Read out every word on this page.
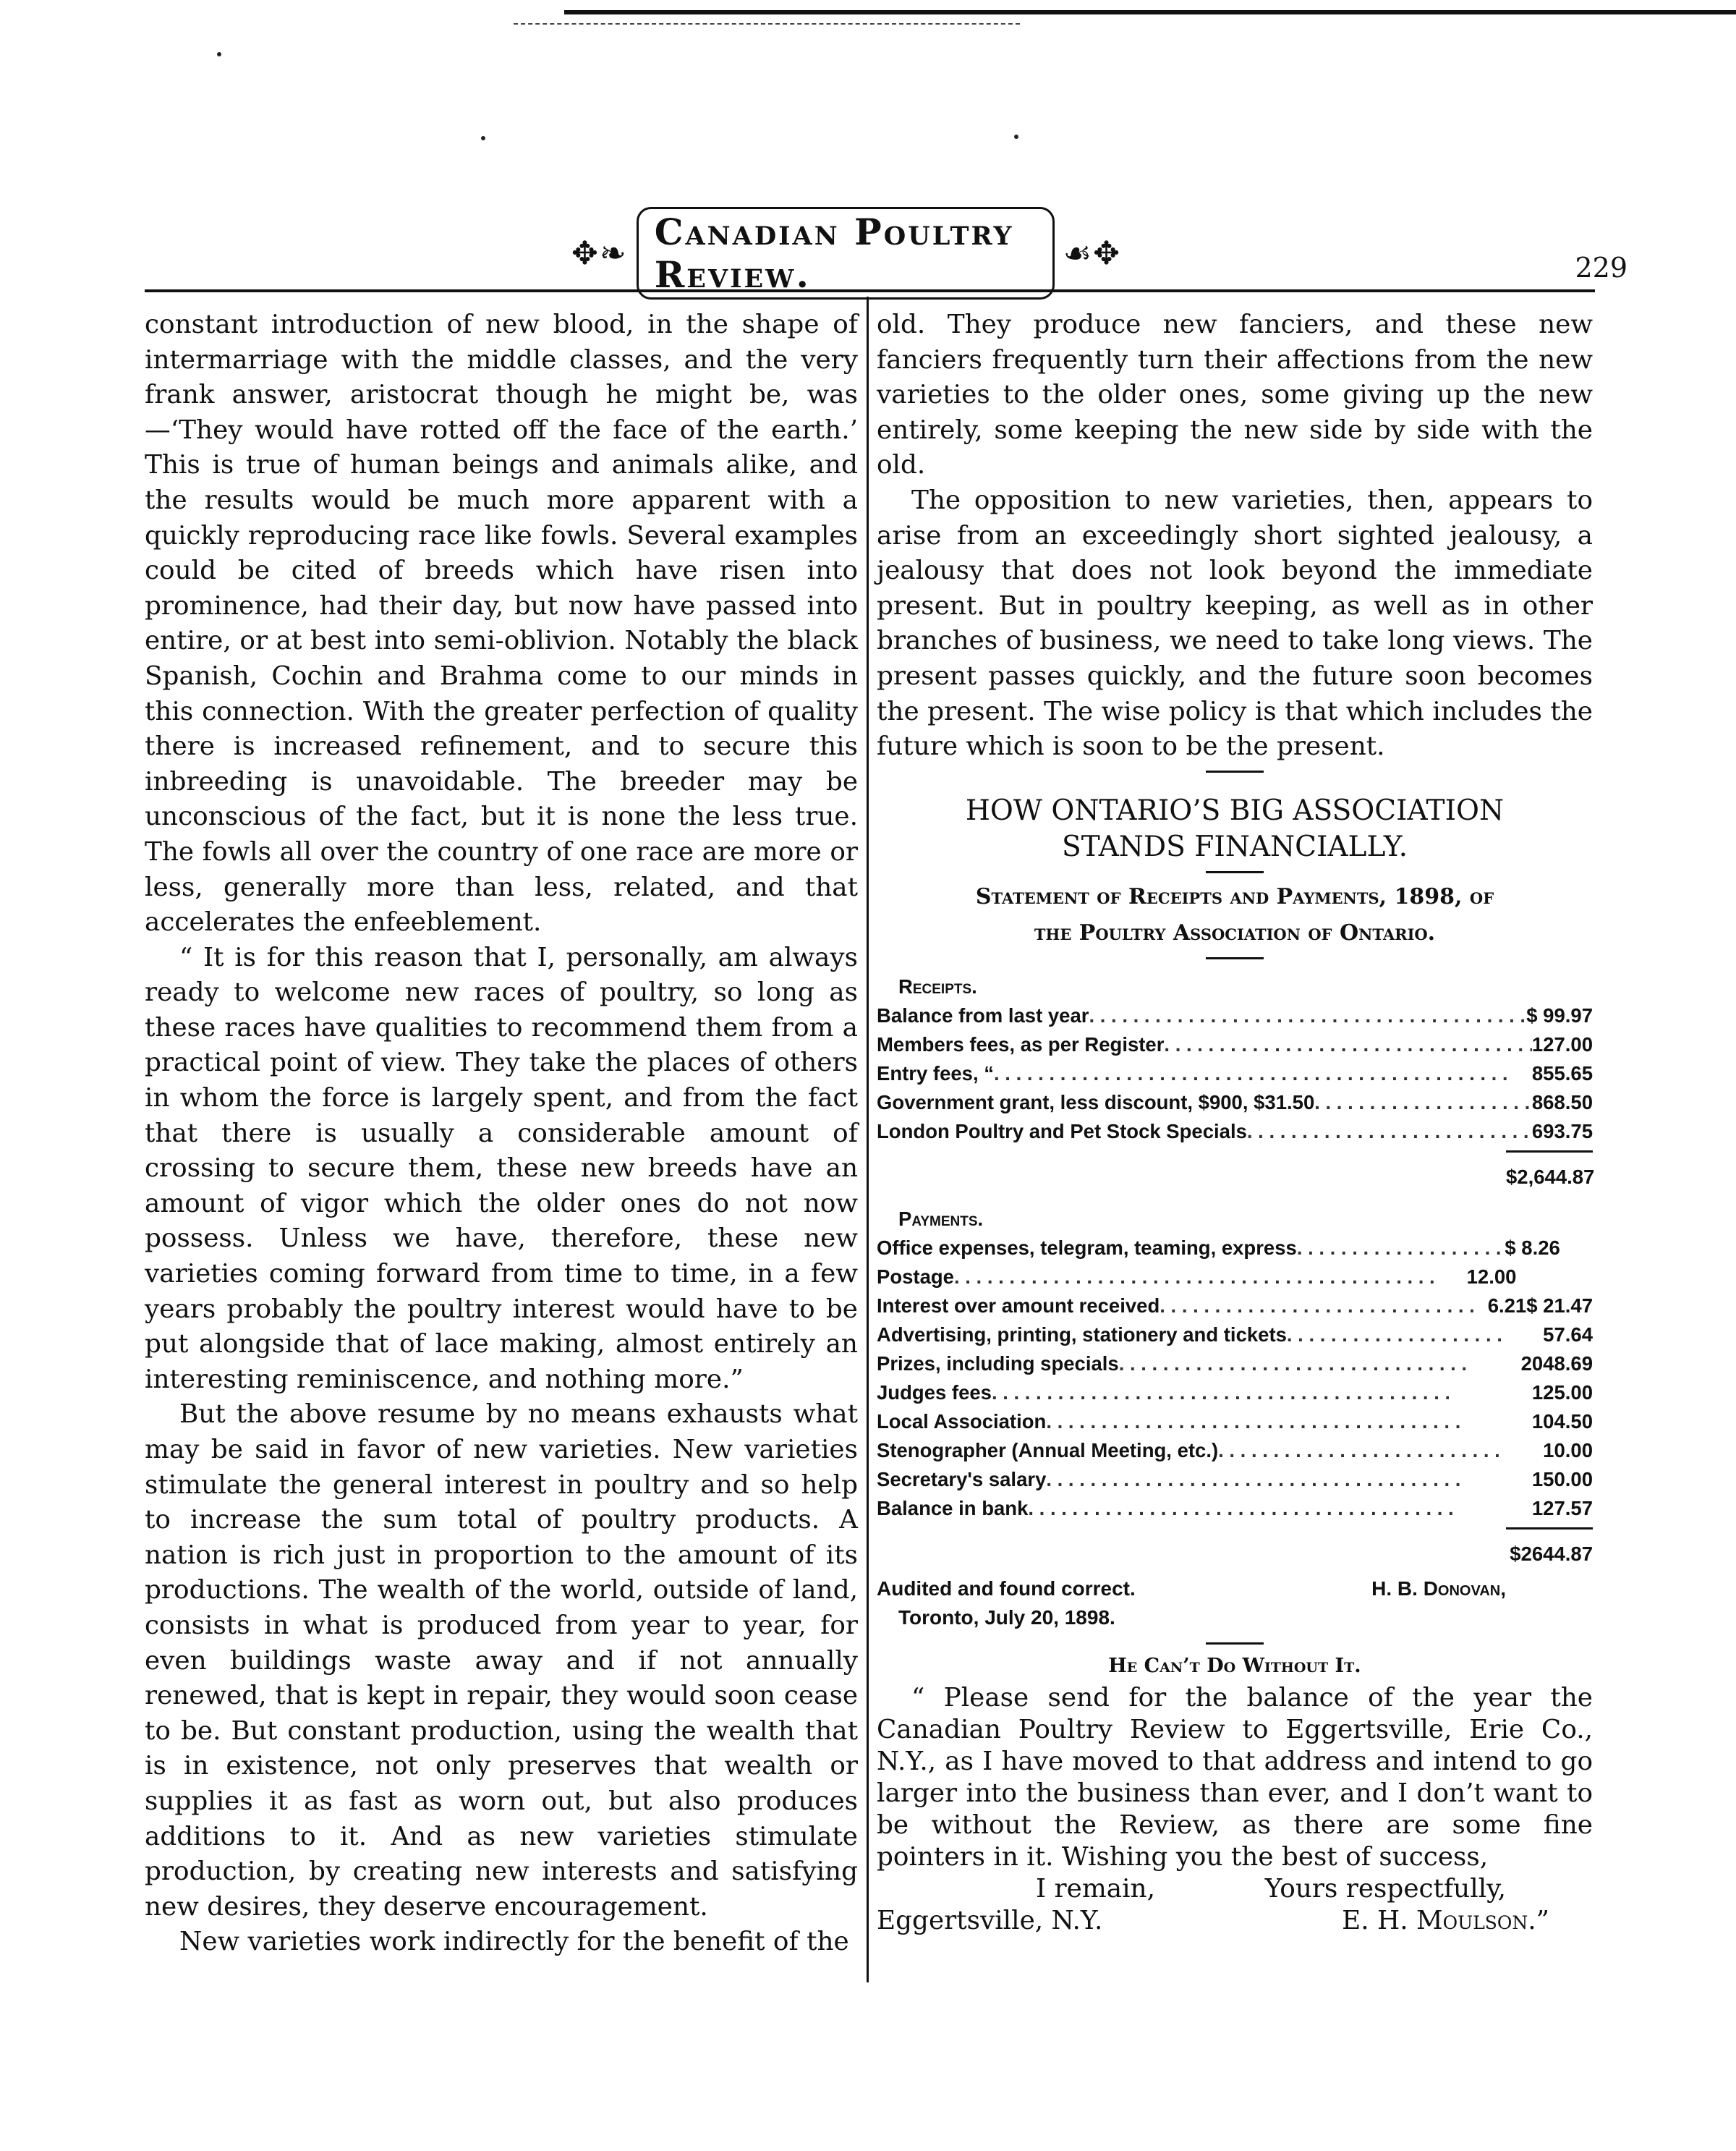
✥❧ Canadian Poultry Review.	☙✥	229

constant introduction of new blood, in the shape of intermarriage with the middle classes, and the very frank answer, aristocrat though he might be, was—‘They would have rotted off the face of the earth.’ This is true of human beings and animals alike, and the results would be much more apparent with a quickly reproducing race like fowls. Several examples could be cited of breeds which have risen into prominence, had their day, but now have passed into entire, or at best into semi-oblivion. Notably the black Spanish, Cochin and Brahma come to our minds in this connection. With the greater perfection of quality there is increased refinement, and to secure this inbreeding is unavoidable. The breeder may be unconscious of the fact, but it is none the less true. The fowls all over the country of one race are more or less, generally more than less, related, and that accelerates the enfeeblement.

“ It is for this reason that I, personally, am always ready to welcome new races of poultry, so long as these races have qualities to recommend them from a practical point of view. They take the places of others in whom the force is largely spent, and from the fact that there is usually a considerable amount of crossing to secure them, these new breeds have an amount of vigor which the older ones do not now possess. Unless we have, therefore, these new varieties coming forward from time to time, in a few years probably the poultry interest would have to be put alongside that of lace making, almost entirely an interesting reminiscence, and nothing more.”

But the above resume by no means exhausts what may be said in favor of new varieties. New varieties stimulate the general interest in poultry and so help to increase the sum total of poultry products. A nation is rich just in proportion to the amount of its productions. The wealth of the world, outside of land, consists in what is produced from year to year, for even buildings waste away and if not annually renewed, that is kept in repair, they would soon cease to be. But constant production, using the wealth that is in existence, not only preserves that wealth or supplies it as fast as worn out, but also produces additions to it. And as new varieties stimulate production, by creating new interests and satisfying new desires, they deserve encouragement.

New varieties work indirectly for the benefit of the

old. They produce new fanciers, and these new fanciers frequently turn their affections from the new varieties to the older ones, some giving up the new entirely, some keeping the new side by side with the old.

The opposition to new varieties, then, appears to arise from an exceedingly short sighted jealousy, a jealousy that does not look beyond the immediate present. But in poultry keeping, as well as in other branches of business, we need to take long views. The present passes quickly, and the future soon becomes the present. The wise policy is that which includes the future which is soon to be the present.

HOW ONTARIO’S BIG ASSOCIATION
STANDS FINANCIALLY.
Statement of Receipts and Payments, 1898, of
the Poultry Association of Ontario.
Receipts.
Balance from last year . . .	$ 99.97
Members fees, as per Register . . .	127.00
Entry fees, “ . . .	855.65
Government grant, less discount, $900, $31.50 . . .	868.50
London Poultry and Pet Stock Specials . . .	693.75
$2,644.87
Payments.
Office expenses, telegram, teaming, express . . .	$ 8.26
Postage . . .	12.00
Interest over amount received . . .	6.21 $ 21.47
Advertising, printing, stationery and tickets . . .	57.64
Prizes, including specials . . .	2048.69
Judges fees . . .	125.00
Local Association . . .	104.50
Stenographer (Annual Meeting, etc.) . . .	10.00
Secretary's salary . . .	150.00
Balance in bank . . .	127.57
$2644.87
Audited and found correct.	H. B. Donovan,
Toronto, July 20, 1898.
He Can’t Do Without It.

“ Please send for the balance of the year the Canadian Poultry Review to Eggertsville, Erie Co., N.Y., as I have moved to that address and intend to go larger into the business than ever, and I don’t want to be without the Review, as there are some fine pointers in it. Wishing you the best of success,

I remain,	Yours respectfully,
Eggertsville, N.Y.	E. H. Moulson.”
